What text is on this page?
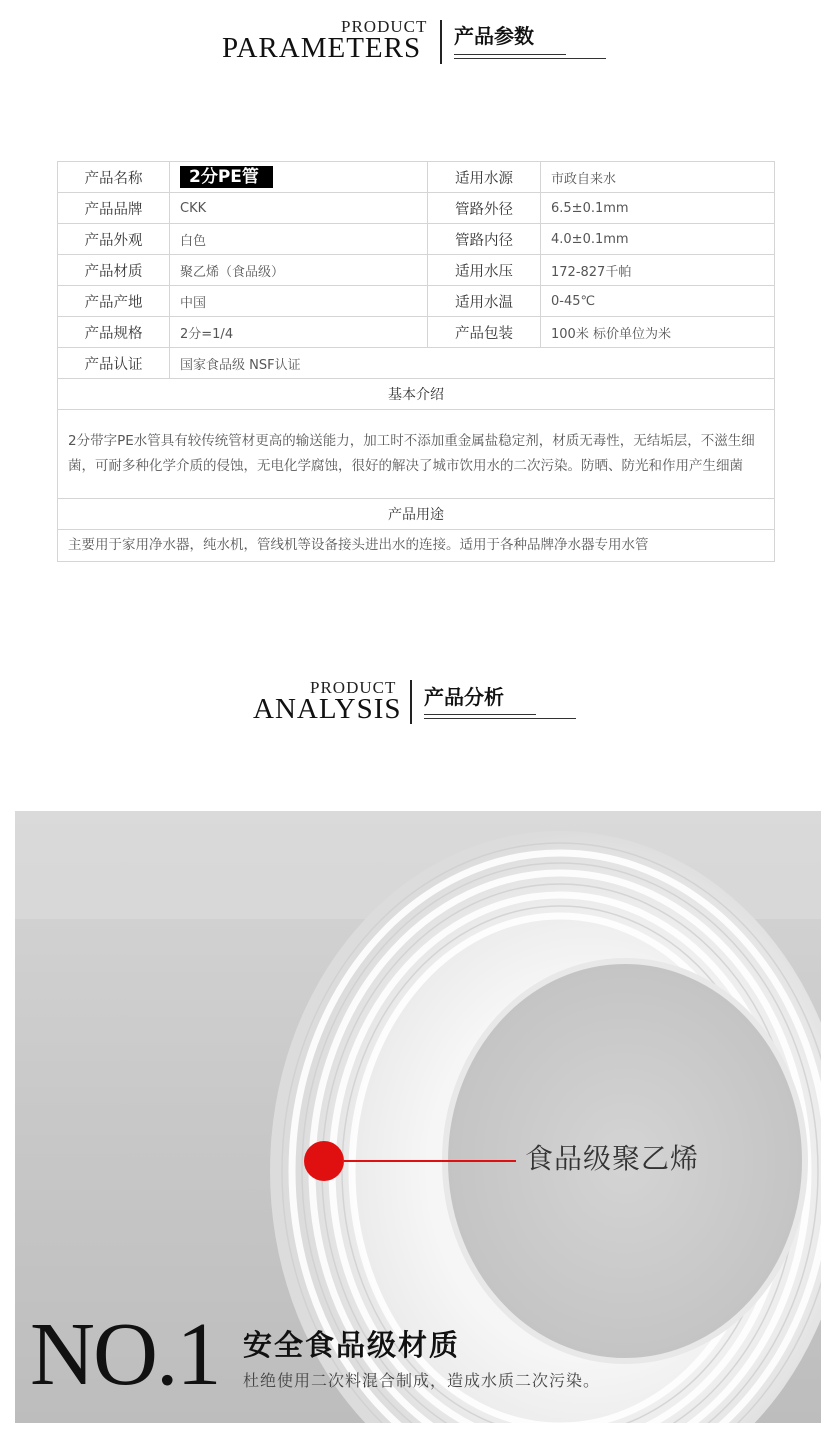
PRODUCT
PARAMETERS 产品参数
产品名称	2分PE管	适用水源	市政自来水
产品品牌	CKK	管路外径	6.5±0.1mm
产品外观	白色	管路内径	4.0±0.1mm
产品材质	聚乙烯（食品级）	适用水压	172-827千帕
产品产地	中国	适用水温	0-45℃
产品规格	2分=1/4	产品包装	100米 标价单位为米
产品认证	国家食品级 NSF认证		
基本介绍			
2分带字PE水管具有较传统管材更高的输送能力，加工时不添加重金属盐稳定剂，材质无毒性，无结垢层，不滋生细菌，可耐多种化学介质的侵蚀，无电化学腐蚀，很好的解决了城市饮用水的二次污染。防晒、防光和作用产生细菌			
产品用途			
主要用于家用净水器，纯水机，管线机等设备接头进出水的连接。适用于各种品牌净水器专用水管			
PRODUCT
ANALYSIS 产品分析
食品级聚乙烯
NO.1 安全食品级材质
杜绝使用二次料混合制成，造成水质二次污染。
